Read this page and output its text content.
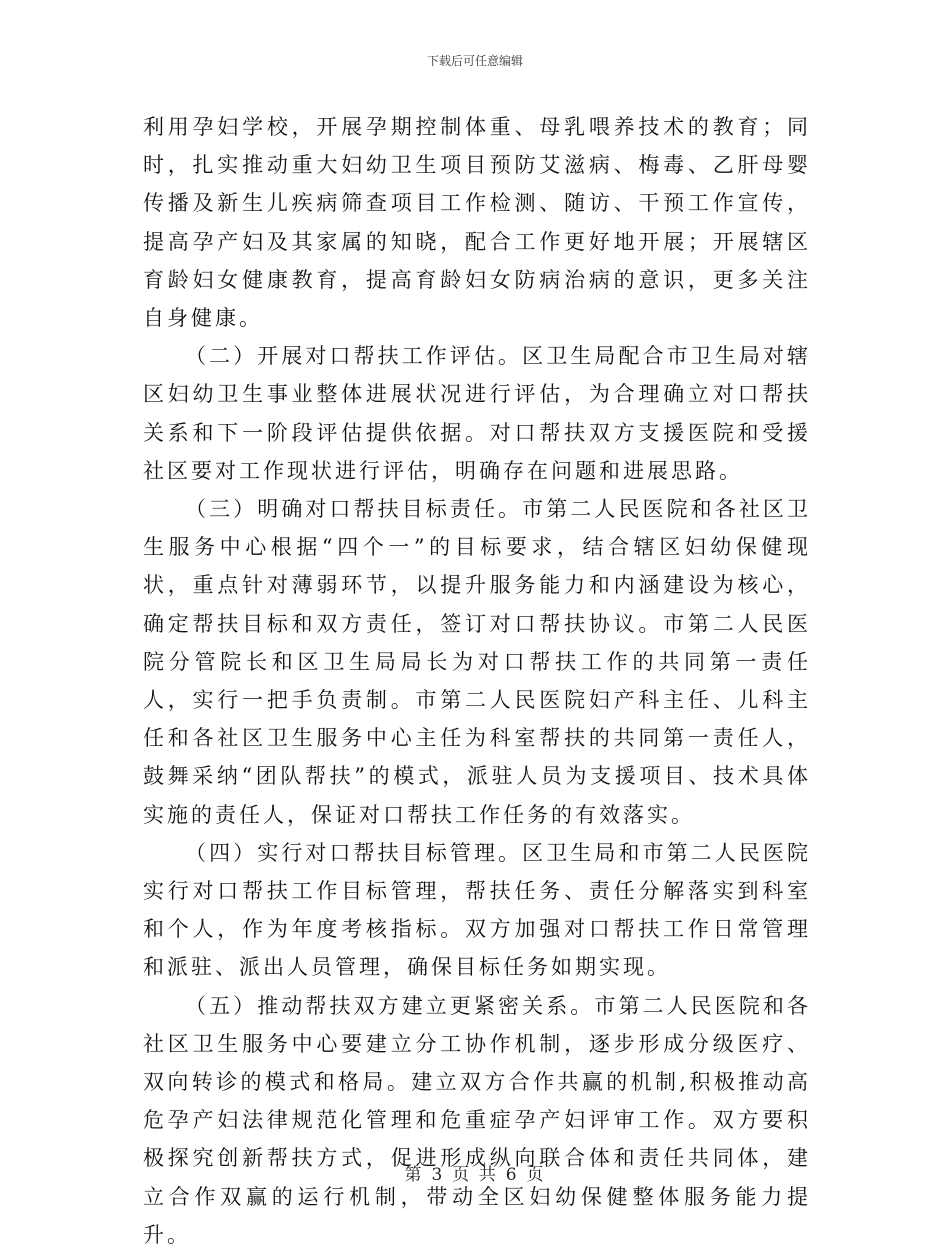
下载后可任意编辑

利用孕妇学校，开展孕期控制体重、母乳喂养技术的教育；同时，扎实推动重大妇幼卫生项目预防艾滋病、梅毒、乙肝母婴传播及新生儿疾病筛查项目工作检测、随访、干预工作宣传，提高孕产妇及其家属的知晓，配合工作更好地开展；开展辖区育龄妇女健康教育，提高育龄妇女防病治病的意识，更多关注自身健康。

（二）开展对口帮扶工作评估。区卫生局配合市卫生局对辖区妇幼卫生事业整体进展状况进行评估，为合理确立对口帮扶关系和下一阶段评估提供依据。对口帮扶双方支援医院和受援社区要对工作现状进行评估，明确存在问题和进展思路。

（三）明确对口帮扶目标责任。市第二人民医院和各社区卫生服务中心根据“四个一”的目标要求，结合辖区妇幼保健现状，重点针对薄弱环节，以提升服务能力和内涵建设为核心，确定帮扶目标和双方责任，签订对口帮扶协议。市第二人民医院分管院长和区卫生局局长为对口帮扶工作的共同第一责任人，实行一把手负责制。市第二人民医院妇产科主任、儿科主任和各社区卫生服务中心主任为科室帮扶的共同第一责任人，鼓舞采纳“团队帮扶”的模式，派驻人员为支援项目、技术具体实施的责任人，保证对口帮扶工作任务的有效落实。

（四）实行对口帮扶目标管理。区卫生局和市第二人民医院实行对口帮扶工作目标管理，帮扶任务、责任分解落实到科室和个人，作为年度考核指标。双方加强对口帮扶工作日常管理和派驻、派出人员管理，确保目标任务如期实现。

（五）推动帮扶双方建立更紧密关系。市第二人民医院和各社区卫生服务中心要建立分工协作机制，逐步形成分级医疗、双向转诊的模式和格局。建立双方合作共赢的机制,积极推动高危孕产妇法律规范化管理和危重症孕产妇评审工作。双方要积极探究创新帮扶方式，促进形成纵向联合体和责任共同体，建立合作双赢的运行机制，带动全区妇幼保健整体服务能力提升。

第 3 页 共 6 页
